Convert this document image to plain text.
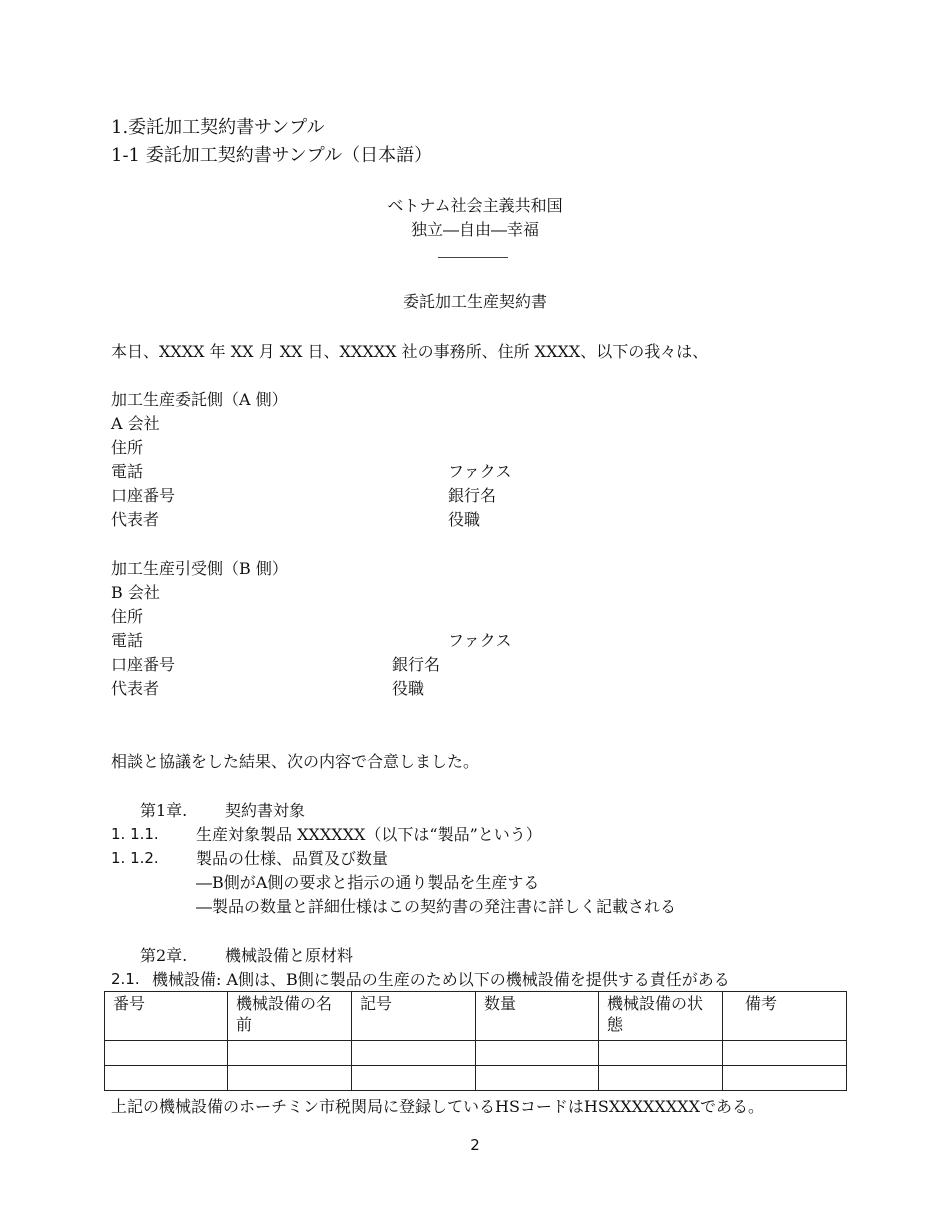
1.委託加工契約書サンプル
1-1 委託加工契約書サンプル（日本語）
ベトナム社会主義共和国
独立―自由―幸福
委託加工生産契約書
本日、XXXX 年 XX 月 XX 日、XXXXX 社の事務所、住所 XXXX、以下の我々は、
加工生産委託側（A 側）
A 会社
住所
電話	ファクス
口座番号	銀行名
代表者	役職
加工生産引受側（B 側）
B 会社
住所
電話	ファクス
口座番号	銀行名
代表者	役職
相談と協議をした結果、次の内容で合意しました。
第1章. 契約書対象
1. 1.1. 生産対象製品 XXXXXX（以下は“製品”という）
1. 1.2. 製品の仕様、品質及び数量
―B側がA側の要求と指示の通り製品を生産する
―製品の数量と詳細仕様はこの契約書の発注書に詳しく記載される
第2章. 機械設備と原材料
2.1. 機械設備: A側は、B側に製品の生産のため以下の機械設備を提供する責任がある
番号	機械設備の名前	記号	数量	機械設備の状態	備考

上記の機械設備のホーチミン市税関局に登録しているHSコードはHSXXXXXXXXである。
2
